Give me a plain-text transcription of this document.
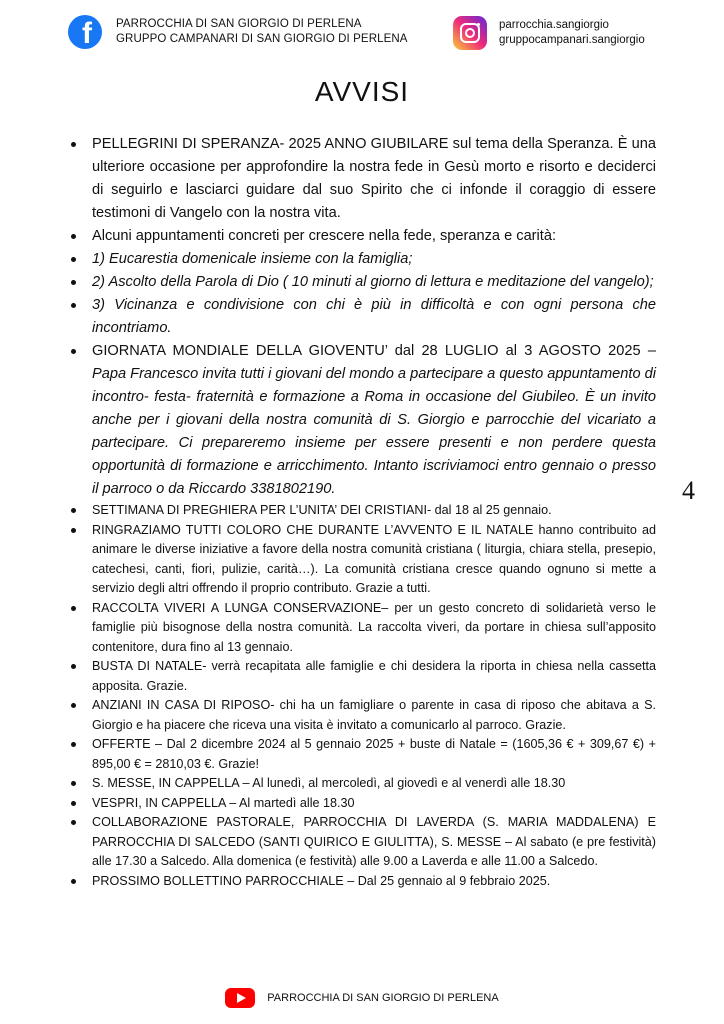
f PARROCCHIA DI SAN GIORGIO DI PERLENA
GRUPPO CAMPANARI DI SAN GIORGIO DI PERLENA
parrocchia.sangiorgio
gruppocampanari.sangiorgio
AVVISI
PELLEGRINI DI SPERANZA- 2025 ANNO GIUBILARE sul tema della Speranza. È una ulteriore occasione per approfondire la nostra fede in Gesù morto e risorto e deciderci di seguirlo e lasciarci guidare dal suo Spirito che ci infonde il coraggio di essere testimoni di Vangelo con la nostra vita.
Alcuni appuntamenti concreti per crescere nella fede, speranza e carità:
1) Eucarestia domenicale insieme con la famiglia;
2) Ascolto della Parola di Dio ( 10 minuti al giorno di lettura e meditazione del vangelo);
3) Vicinanza e condivisione con chi è più in difficoltà e con ogni persona che incontriamo.
GIORNATA MONDIALE DELLA GIOVENTU’ dal 28 LUGLIO al 3 AGOSTO 2025 – Papa Francesco invita tutti i giovani del mondo a partecipare a questo appuntamento di incontro- festa- fraternità e formazione a Roma in occasione del Giubileo. È un invito anche per i giovani della nostra comunità di S. Giorgio e parrocchie del vicariato a partecipare. Ci prepareremo insieme per essere presenti e non perdere questa opportunità di formazione e arricchimento. Intanto iscriviamoci entro gennaio o presso il parroco o da Riccardo 3381802190.
SETTIMANA DI PREGHIERA PER L’UNITA’ DEI CRISTIANI- dal 18 al 25 gennaio.
RINGRAZIAMO TUTTI COLORO CHE DURANTE L’AVVENTO E IL NATALE hanno contribuito ad animare le diverse iniziative a favore della nostra comunità cristiana ( liturgia, chiara stella, presepio, catechesi, canti, fiori, pulizie, carità…). La comunità cristiana cresce quando ognuno si mette a servizio degli altri offrendo il proprio contributo. Grazie a tutti.
RACCOLTA VIVERI A LUNGA CONSERVAZIONE– per un gesto concreto di solidarietà verso le famiglie più bisognose della nostra comunità. La raccolta viveri, da portare in chiesa sull’apposito contenitore, dura fino al 13 gennaio.
BUSTA DI NATALE- verrà recapitata alle famiglie e chi desidera la riporta in chiesa nella cassetta apposita. Grazie.
ANZIANI IN CASA DI RIPOSO- chi ha un famigliare o parente in casa di riposo che abitava a S. Giorgio e ha piacere che riceva una visita è invitato a comunicarlo al parroco. Grazie.
OFFERTE – Dal 2 dicembre 2024 al 5 gennaio 2025 + buste di Natale = (1605,36 € + 309,67 €) + 895,00 € = 2810,03 €. Grazie!
S. MESSE, IN CAPPELLA – Al lunedì, al mercoledì, al giovedì e al venerdì alle 18.30
VESPRI, IN CAPPELLA – Al martedì alle 18.30
COLLABORAZIONE PASTORALE, PARROCCHIA DI LAVERDA (S. MARIA MADDALENA) E PARROCCHIA DI SALCEDO (SANTI QUIRICO E GIULITTA), S. MESSE – Al sabato (e pre festività) alle 17.30 a Salcedo. Alla domenica (e festività) alle 9.00 a Laverda e alle 11.00 a Salcedo.
PROSSIMO BOLLETTINO PARROCCHIALE – Dal 25 gennaio al 9 febbraio 2025.
4
PARROCCHIA DI SAN GIORGIO DI PERLENA
